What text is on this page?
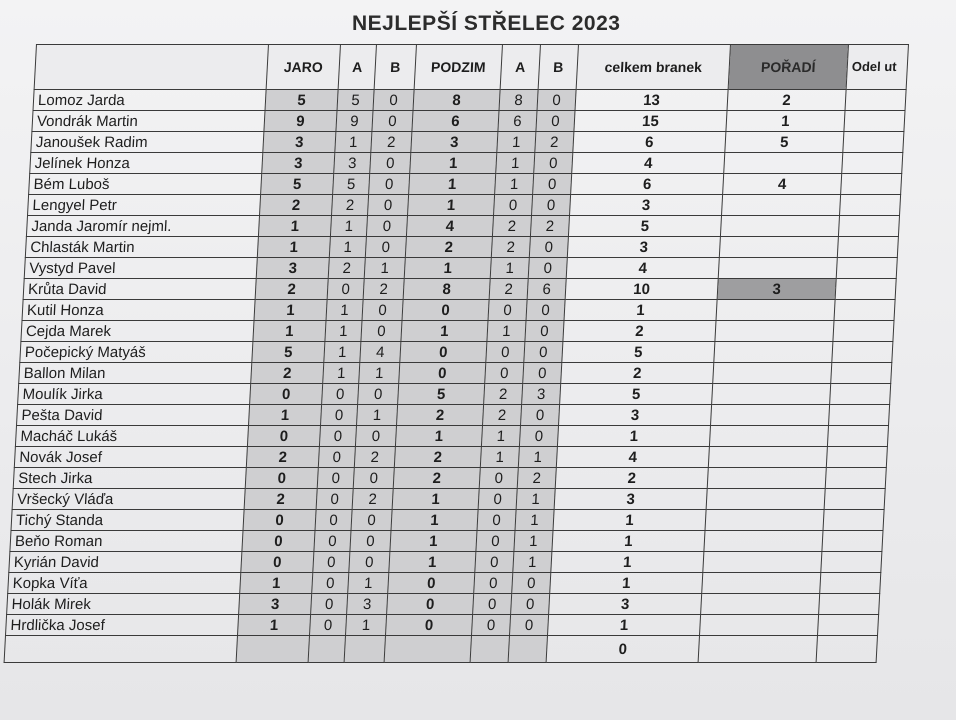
NEJLEPŠÍ STŘELEC 2023
	JARO	A	B	PODZIM	A	B	celkem branek	POŘADÍ	Odel ut
Lomoz Jarda	5	5	0	8	8	0	13	2	
Vondrák Martin	9	9	0	6	6	0	15	1	
Janoušek Radim	3	1	2	3	1	2	6	5	
Jelínek Honza	3	3	0	1	1	0	4		
Bém Luboš	5	5	0	1	1	0	6	4	
Lengyel Petr	2	2	0	1	0	0	3		
Janda Jaromír nejml.	1	1	0	4	2	2	5		
Chlasták Martin	1	1	0	2	2	0	3		
Vystyd Pavel	3	2	1	1	1	0	4		
Krůta David	2	0	2	8	2	6	10	3	
Kutil Honza	1	1	0	0	0	0	1		
Cejda Marek	1	1	0	1	1	0	2		
Počepický Matyáš	5	1	4	0	0	0	5		
Ballon Milan	2	1	1	0	0	0	2		
Moulík Jirka	0	0	0	5	2	3	5		
Pešta David	1	0	1	2	2	0	3		
Macháč Lukáš	0	0	0	1	1	0	1		
Novák Josef	2	0	2	2	1	1	4		
Stech Jirka	0	0	0	2	0	2	2		
Vršecký Vláďa	2	0	2	1	0	1	3		
Tichý Standa	0	0	0	1	0	1	1		
Beňo Roman	0	0	0	1	0	1	1		
Kyrián David	0	0	0	1	0	1	1		
Kopka Víťa	1	0	1	0	0	0	1		
Holák Mirek	3	0	3	0	0	0	3		
Hrdlička Josef	1	0	1	0	0	0	1		
							0		
